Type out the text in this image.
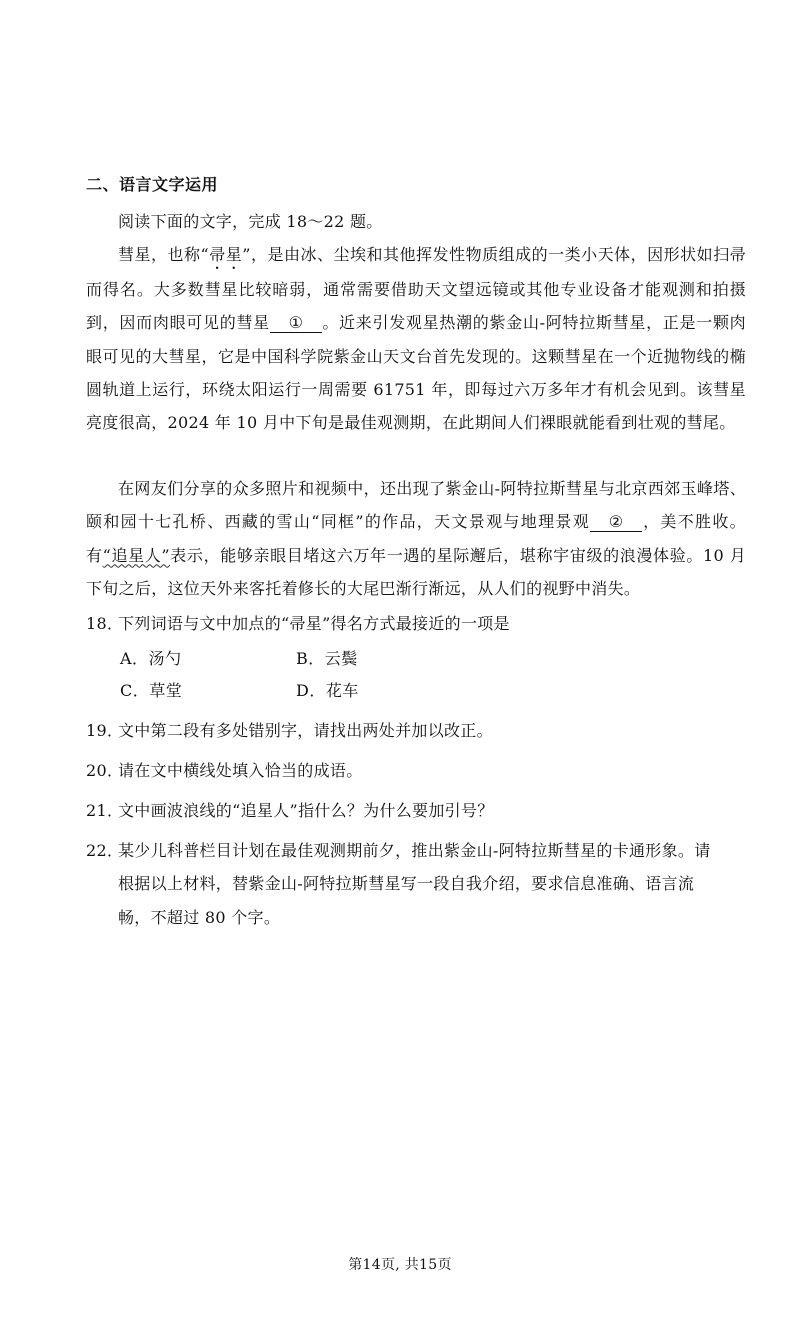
二、语言文字运用
阅读下面的文字，完成 18～22 题。
彗星，也称“帚星”，是由冰、尘埃和其他挥发性物质组成的一类小天体，因形状如扫帚而得名。大多数彗星比较暗弱，通常需要借助天文望远镜或其他专业设备才能观测和拍摄到，因而肉眼可见的彗星 ① 。近来引发观星热潮的紫金山-阿特拉斯彗星，正是一颗肉眼可见的大彗星，它是中国科学院紫金山天文台首先发现的。这颗彗星在一个近抛物线的椭圆轨道上运行，环绕太阳运行一周需要 61751 年，即每过六万多年才有机会见到。该彗星亮度很高，2024 年 10 月中下旬是最佳观测期，在此期间人们裸眼就能看到壮观的彗尾。
在网友们分享的众多照片和视频中，还出现了紫金山-阿特拉斯彗星与北京西郊玉峰塔、颐和园十七孔桥、西藏的雪山“同框”的作品，天文景观与地理景观 ② ，美不胜收。有“追星人”表示，能够亲眼目堵这六万年一遇的星际邂后，堪称宇宙级的浪漫体验。10 月下旬之后，这位天外来客托着修长的大尾巴渐行渐远，从人们的视野中消失。
18．下列词语与文中加点的“帚星”得名方式最接近的一项是
A．汤勺	B．云鬓
C．草堂	D．花车
19．文中第二段有多处错别字，请找出两处并加以改正。
20．请在文中横线处填入恰当的成语。
21．文中画波浪线的“追星人”指什么？为什么要加引号？
22．某少儿科普栏目计划在最佳观测期前夕，推出紫金山-阿特拉斯彗星的卡通形象。请
根据以上材料，替紫金山-阿特拉斯彗星写一段自我介绍，要求信息准确、语言流
畅，不超过 80 个字。
第14页, 共15页
